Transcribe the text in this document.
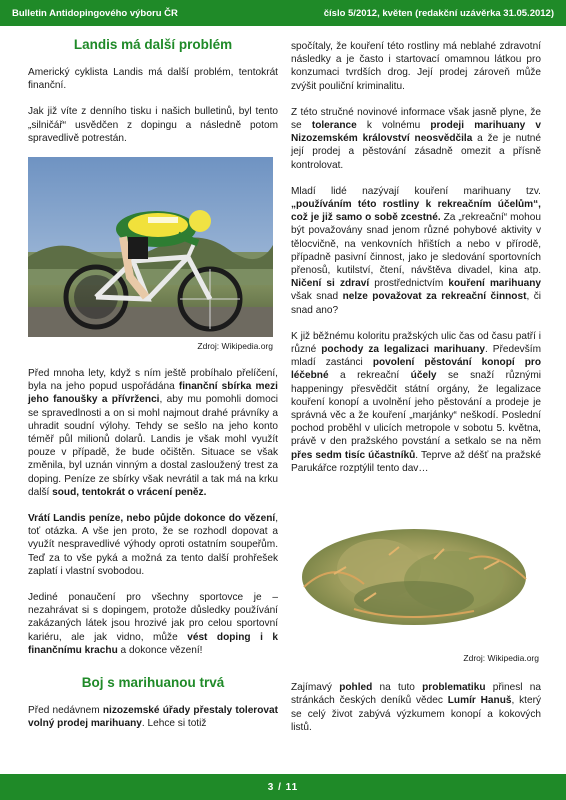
Bulletin Antidopingového výboru ČR	číslo 5/2012, květen (redakční uzávěrka 31.05.2012)
Landis má další problém
Americký cyklista Landis má další problém, tentokrát finanční.
Jak již víte z denního tisku i našich bulletinů, byl tento „silničář“ usvědčen z dopingu a následně potom spravedlivě potrestán.
Zdroj: Wikipedia.org
Před mnoha lety, když s ním ještě probíhalo přelíčení, byla na jeho popud uspořádána finanční sbírka mezi jeho fanoušky a přívrženci, aby mu pomohli domoci se spravedlnosti a on si mohl najmout drahé právníky a uhradit soudní výlohy. Tehdy se sešlo na jeho konto téměř půl milionů dolarů. Landis je však mohl využít pouze v případě, že bude očištěn. Situace se však změnila, byl uznán vinným a dostal zasloužený trest za doping. Peníze ze sbírky však nevrátil a tak má na krku další soud, tentokrát o vrácení peněz.
Vrátí Landis peníze, nebo půjde dokonce do vězení, toť otázka. A vše jen proto, že se rozhodl dopovat a využít nespravedlivé výhody oproti ostatním soupeřům. Teď za to vše pyká a možná za tento další prohřešek zaplatí i vlastní svobodou.
Jediné ponaučení pro všechny sportovce je – nezahrávat si s dopingem, protože důsledky používání zakázaných látek jsou hrozivé jak pro celou sportovní kariéru, ale jak vidno, může vést doping i k finančnímu krachu a dokonce vězení!
Boj s marihuanou trvá
Před nedávnem nizozemské úřady přestaly tolerovat volný prodej marihuany. Lehce si totiž
spočítaly, že kouření této rostliny má neblahé zdravotní následky a je často i startovací omamnou látkou pro konzumaci tvrdších drog. Její prodej zároveň může zvýšit pouliční kriminalitu.
Z této stručné novinové informace však jasně plyne, že se tolerance k volnému prodeji marihuany v Nizozemském království neosvědčila a že je nutné její prodej a pěstování zásadně omezit a přísně kontrolovat.
Mladí lidé nazývají kouření marihuany tzv. „používáním této rostliny k rekreačním účelům“, což je již samo o sobě zcestné. Za „rekreační“ mohou být považovány snad jenom různé pohybové aktivity v tělocvičně, na venkovních hřištích a nebo v přírodě, případně pasivní činnost, jako je sledování sportovních přenosů, kutilství, čtení, návštěva divadel, kina atp. Ničení si zdraví prostřednictvím kouření marihuany však snad nelze považovat za rekreační činnost, či snad ano?
K již běžnému koloritu pražských ulic čas od času patří i různé pochody za legalizaci marihuany. Především mladí zastánci povolení pěstování konopí pro léčebné a rekreační účely se snaží různými happeningy přesvědčit státní orgány, že legalizace kouření konopí a uvolnění jeho pěstování a prodeje je správná věc a že kouření „marjánky“ neškodí. Poslední pochod proběhl v ulicích metropole v sobotu 5. května, právě v den pražského povstání a setkalo se na něm přes sedm tisíc účastníků. Teprve až déšť na pražské Parukářce rozptýlil tento dav…
Zdroj: Wikipedia.org
Zajímavý pohled na tuto problematiku přinesl na stránkách českých deníků vědec Lumír Hanuš, který se celý život zabývá výzkumem konopí a kokových listů.
3 / 11
